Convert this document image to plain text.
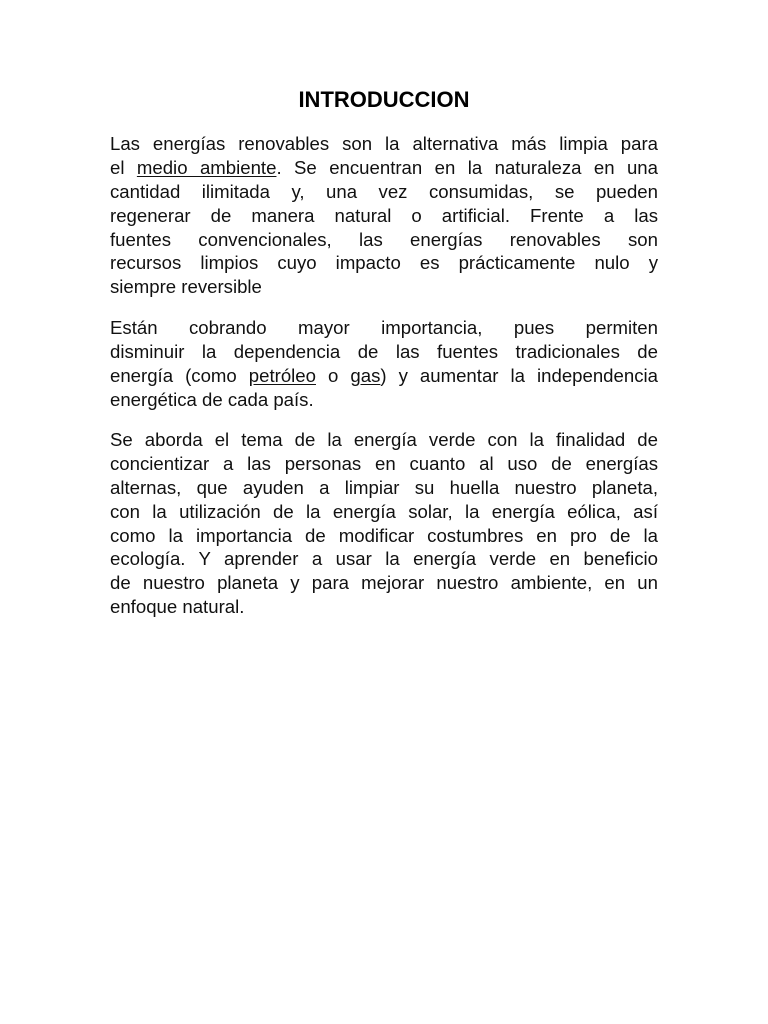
INTRODUCCION
Las energías renovables son la alternativa más limpia para
el medio ambiente. Se encuentran en la naturaleza en una
cantidad ilimitada y, una vez consumidas, se pueden
regenerar de manera natural o artificial. Frente a las
fuentes convencionales, las energías renovables son
recursos limpios cuyo impacto es prácticamente nulo y
siempre reversible
Están cobrando mayor importancia, pues permiten
disminuir la dependencia de las fuentes tradicionales de
energía (como petróleo o gas) y aumentar la independencia
energética de cada país.
Se aborda el tema de la energía verde con la finalidad de
concientizar a las personas en cuanto al uso de energías
alternas, que ayuden a limpiar su huella nuestro planeta,
con la utilización de la energía solar, la energía eólica, así
como la importancia de modificar costumbres en pro de la
ecología. Y aprender a usar la energía verde en beneficio
de nuestro planeta y para mejorar nuestro ambiente, en un
enfoque natural.
